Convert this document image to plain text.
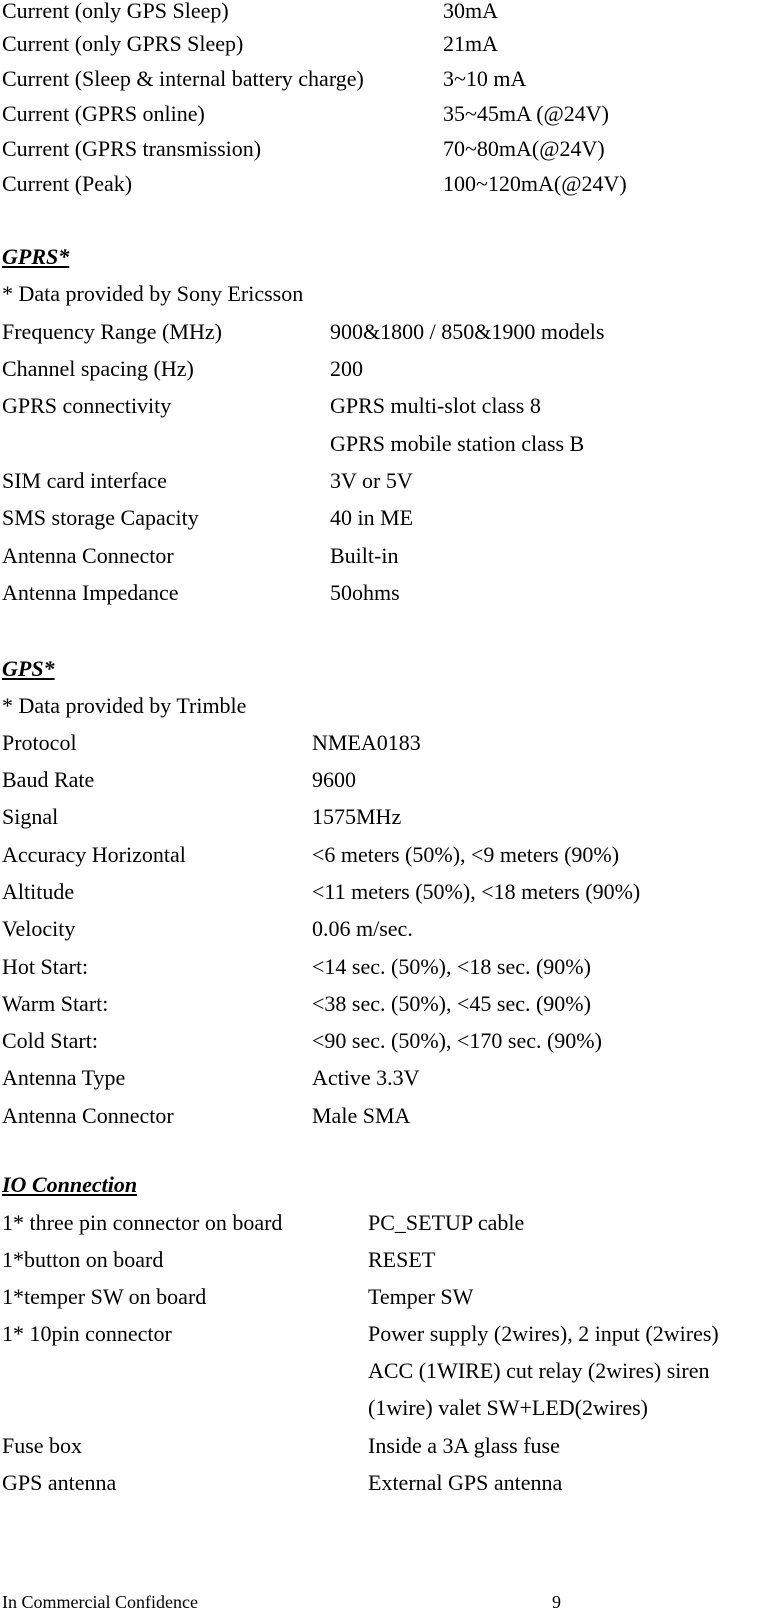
Current (only GPS Sleep)	30mA
Current (only GPRS Sleep)	21mA
Current (Sleep & internal battery charge)	3~10 mA
Current (GPRS online)	35~45mA (@24V)
Current (GPRS transmission)	70~80mA(@24V)
Current (Peak)	100~120mA(@24V)
GPRS*
* Data provided by Sony Ericsson
Frequency Range (MHz)	900&1800 / 850&1900 models
Channel spacing (Hz)	200
GPRS connectivity	GPRS multi-slot class 8
GPRS mobile station class B
SIM card interface	3V or 5V
SMS storage Capacity	40 in ME
Antenna Connector	Built-in
Antenna Impedance	50ohms
GPS*
* Data provided by Trimble
Protocol	NMEA0183
Baud Rate	9600
Signal	1575MHz
Accuracy Horizontal	<6 meters (50%), <9 meters (90%)
Altitude	<11 meters (50%), <18 meters (90%)
Velocity	0.06 m/sec.
Hot Start:	<14 sec. (50%), <18 sec. (90%)
Warm Start:	<38 sec. (50%), <45 sec. (90%)
Cold Start:	<90 sec. (50%), <170 sec. (90%)
Antenna Type	Active 3.3V
Antenna Connector	Male SMA
IO Connection
1* three pin connector on board	PC_SETUP cable
1*button on board	RESET
1*temper SW on board	Temper SW
1* 10pin connector	Power supply (2wires), 2 input (2wires)
ACC (1WIRE) cut relay (2wires) siren
(1wire) valet SW+LED(2wires)
Fuse box	Inside a 3A glass fuse
GPS antenna	External GPS antenna
In Commercial Confidence	9
